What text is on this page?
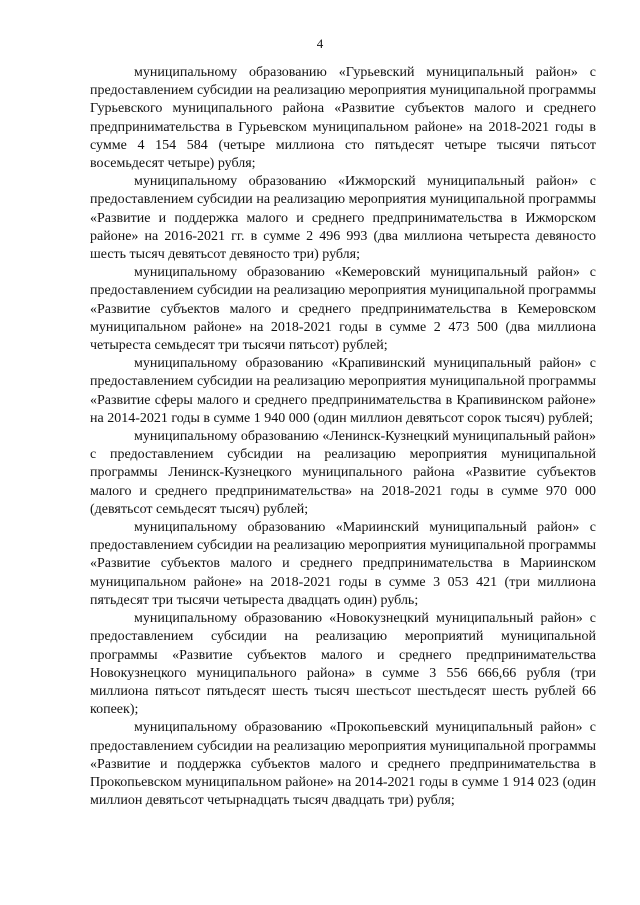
4

муниципальному образованию «Гурьевский муниципальный район» с предоставлением субсидии на реализацию мероприятия муниципальной программы Гурьевского муниципального района «Развитие субъектов малого и среднего предпринимательства в Гурьевском муниципальном районе» на 2018-2021 годы в сумме 4 154 584 (четыре миллиона сто пятьдесят четыре тысячи пятьсот восемьдесят четыре) рубля;

муниципальному образованию «Ижморский муниципальный район» с предоставлением субсидии на реализацию мероприятия муниципальной программы «Развитие и поддержка малого и среднего предпринимательства в Ижморском районе» на 2016-2021 гг. в сумме 2 496 993 (два миллиона четыреста девяносто шесть тысяч девятьсот девяносто три) рубля;

муниципальному образованию «Кемеровский муниципальный район» с предоставлением субсидии на реализацию мероприятия муниципальной программы «Развитие субъектов малого и среднего предпринимательства в Кемеровском муниципальном районе» на 2018-2021 годы в сумме 2 473 500 (два миллиона четыреста семьдесят три тысячи пятьсот) рублей;

муниципальному образованию «Крапивинский муниципальный район» с предоставлением субсидии на реализацию мероприятия муниципальной программы «Развитие сферы малого и среднего предпринимательства в Крапивинском районе» на 2014-2021 годы в сумме 1 940 000 (один миллион девятьсот сорок тысяч) рублей;

муниципальному образованию «Ленинск-Кузнецкий муниципальный район» с предоставлением субсидии на реализацию мероприятия муниципальной программы Ленинск-Кузнецкого муниципального района «Развитие субъектов малого и среднего предпринимательства» на 2018-2021 годы в сумме 970 000 (девятьсот семьдесят тысяч) рублей;

муниципальному образованию «Мариинский муниципальный район» с предоставлением субсидии на реализацию мероприятия муниципальной программы «Развитие субъектов малого и среднего предпринимательства в Мариинском муниципальном районе» на 2018-2021 годы в сумме 3 053 421 (три миллиона пятьдесят три тысячи четыреста двадцать один) рубль;

муниципальному образованию «Новокузнецкий муниципальный район» с предоставлением субсидии на реализацию мероприятий муниципальной программы «Развитие субъектов малого и среднего предпринимательства Новокузнецкого муниципального района» в сумме 3 556 666,66 рубля (три миллиона пятьсот пятьдесят шесть тысяч шестьсот шестьдесят шесть рублей 66 копеек);

муниципальному образованию «Прокопьевский муниципальный район» с предоставлением субсидии на реализацию мероприятия муниципальной программы «Развитие и поддержка субъектов малого и среднего предпринимательства в Прокопьевском муниципальном районе» на 2014-2021 годы в сумме 1 914 023 (один миллион девятьсот четырнадцать тысяч двадцать три) рубля;
